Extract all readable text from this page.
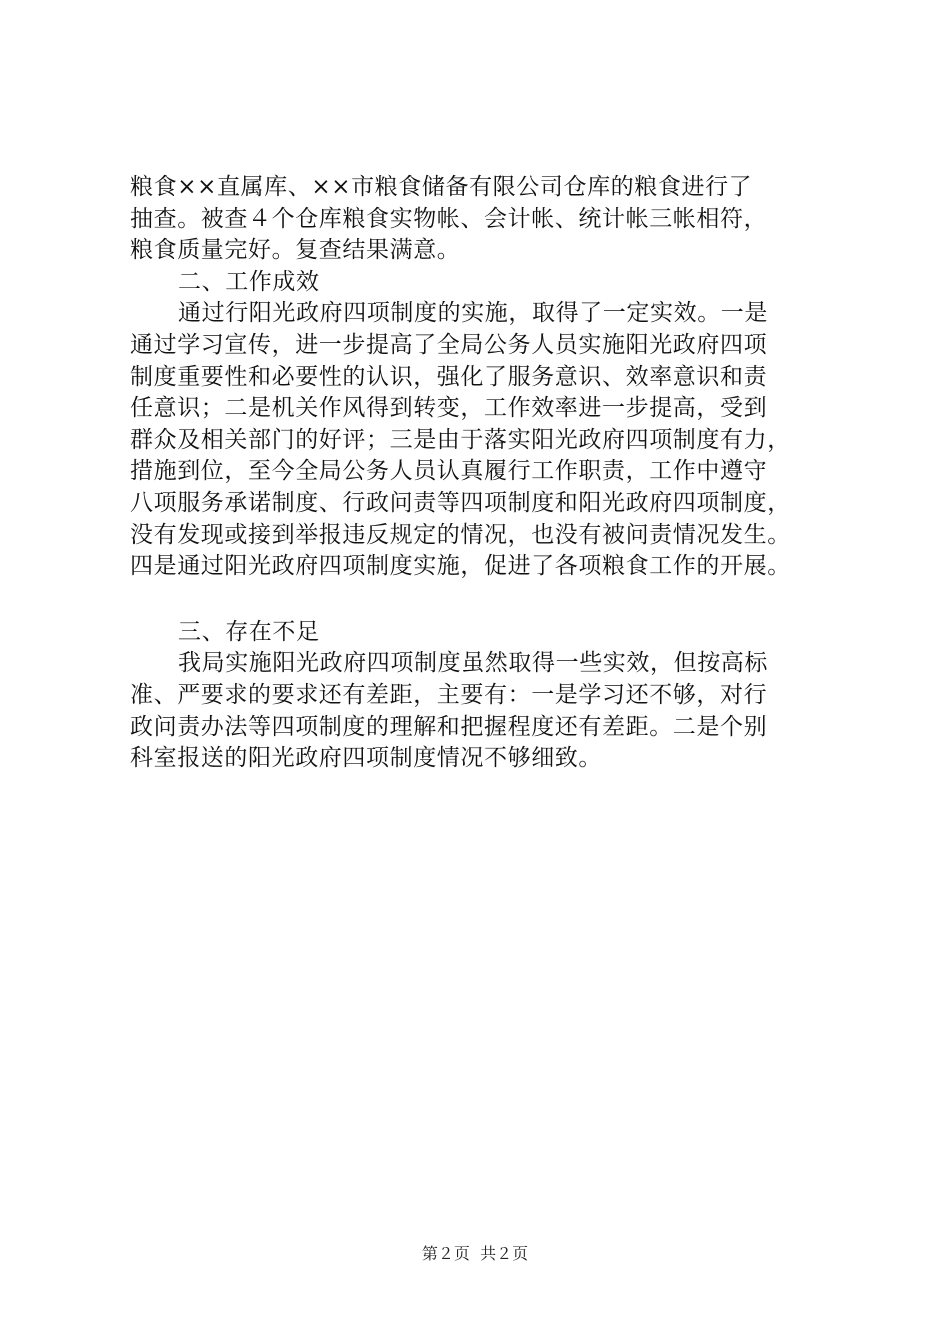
粮食××直属库、××市粮食储备有限公司仓库的粮食进行了
抽查。被查４个仓库粮食实物帐、会计帐、统计帐三帐相符，
粮食质量完好。复查结果满意。
二、工作成效
通过行阳光政府四项制度的实施，取得了一定实效。一是
通过学习宣传，进一步提高了全局公务人员实施阳光政府四项
制度重要性和必要性的认识，强化了服务意识、效率意识和责
任意识；二是机关作风得到转变，工作效率进一步提高，受到
群众及相关部门的好评；三是由于落实阳光政府四项制度有力，
措施到位，至今全局公务人员认真履行工作职责，工作中遵守
八项服务承诺制度、行政问责等四项制度和阳光政府四项制度，
没有发现或接到举报违反规定的情况，也没有被问责情况发生。
四是通过阳光政府四项制度实施，促进了各项粮食工作的开展。
三、存在不足
我局实施阳光政府四项制度虽然取得一些实效，但按高标
准、严要求的要求还有差距，主要有：一是学习还不够，对行
政问责办法等四项制度的理解和把握程度还有差距。二是个别
科室报送的阳光政府四项制度情况不够细致。
第２页  共２页
